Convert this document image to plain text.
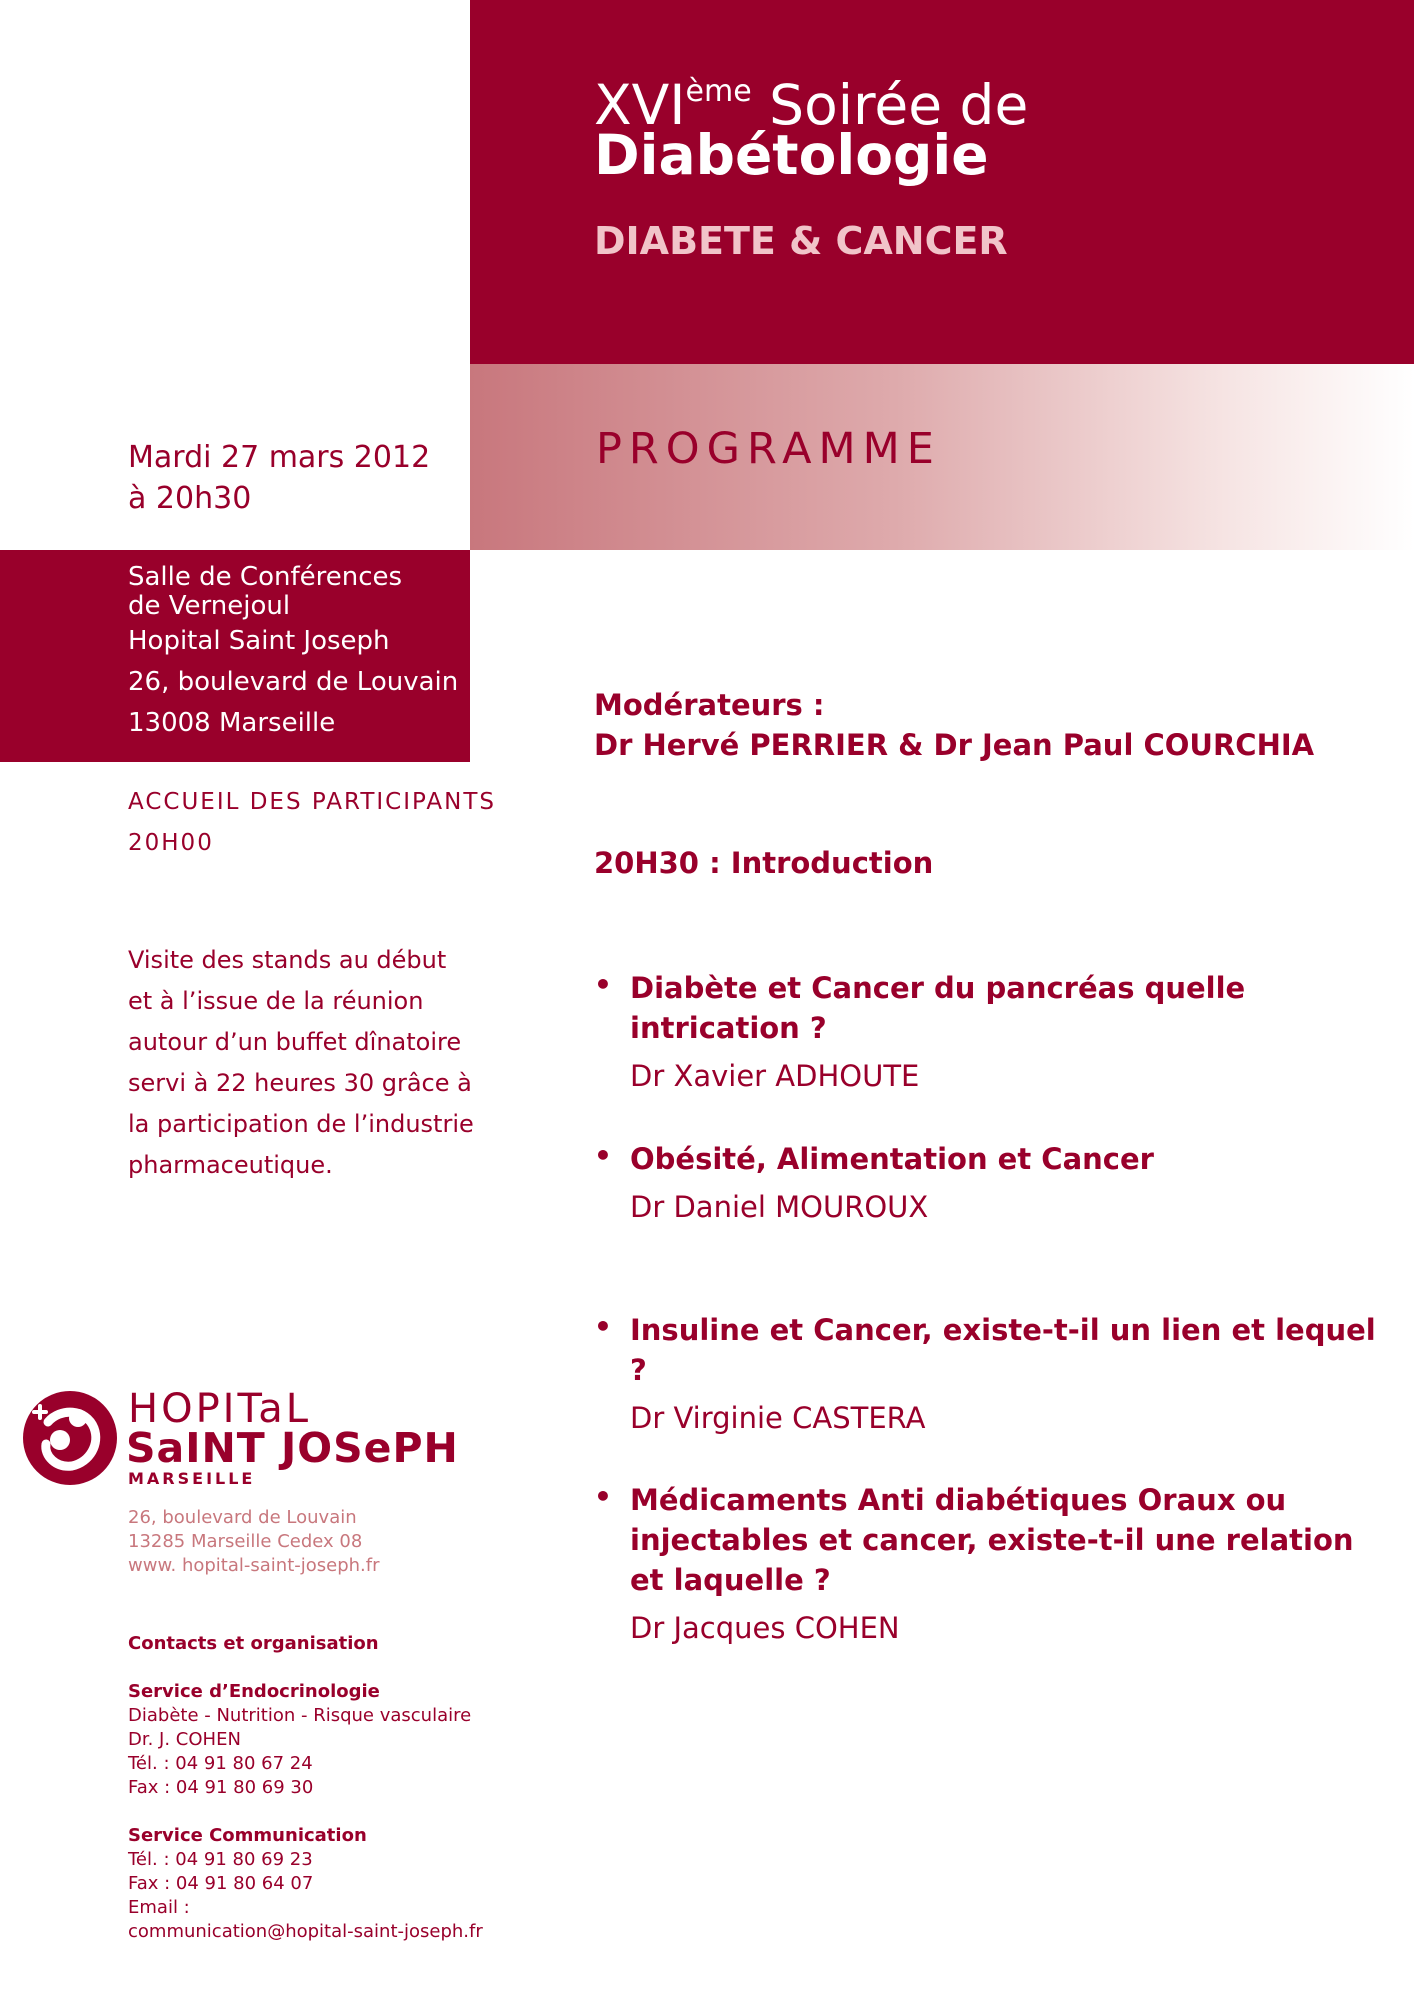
XVIème Soirée de
Diabétologie
DIABETE & CANCER
PROGRAMME
Mardi 27 mars 2012
à 20h30
Salle de Conférences
de Vernejoul
Hopital Saint Joseph
26, boulevard de Louvain
13008 Marseille
ACCUEIL DES PARTICIPANTS
20H00
Visite des stands au début
et à l’issue de la réunion
autour d’un buffet dînatoire
servi à 22 heures 30 grâce à
la participation de l’industrie
pharmaceutique.
Modérateurs :
Dr Hervé PERRIER & Dr Jean Paul COURCHIA
20H30 : Introduction
• Diabète et Cancer du pancréas quelle intrication ?
Dr Xavier ADHOUTE
• Obésité, Alimentation et Cancer
Dr Daniel MOUROUX
• Insuline et Cancer, existe-t-il un lien et lequel ?
Dr Virginie CASTERA
• Médicaments Anti diabétiques Oraux ou
injectables et cancer, existe-t-il une relation
et laquelle ?
Dr Jacques COHEN
HOPITaL
SaINT JOSePH
MARSEILLE
26, boulevard de Louvain
13285 Marseille Cedex 08
www. hopital-saint-joseph.fr
Contacts et organisation
Service d’Endocrinologie
Diabète - Nutrition - Risque vasculaire
Dr. J. COHEN
Tél. : 04 91 80 67 24
Fax : 04 91 80 69 30
Service Communication
Tél. : 04 91 80 69 23
Fax : 04 91 80 64 07
Email :
communication@hopital-saint-joseph.fr
